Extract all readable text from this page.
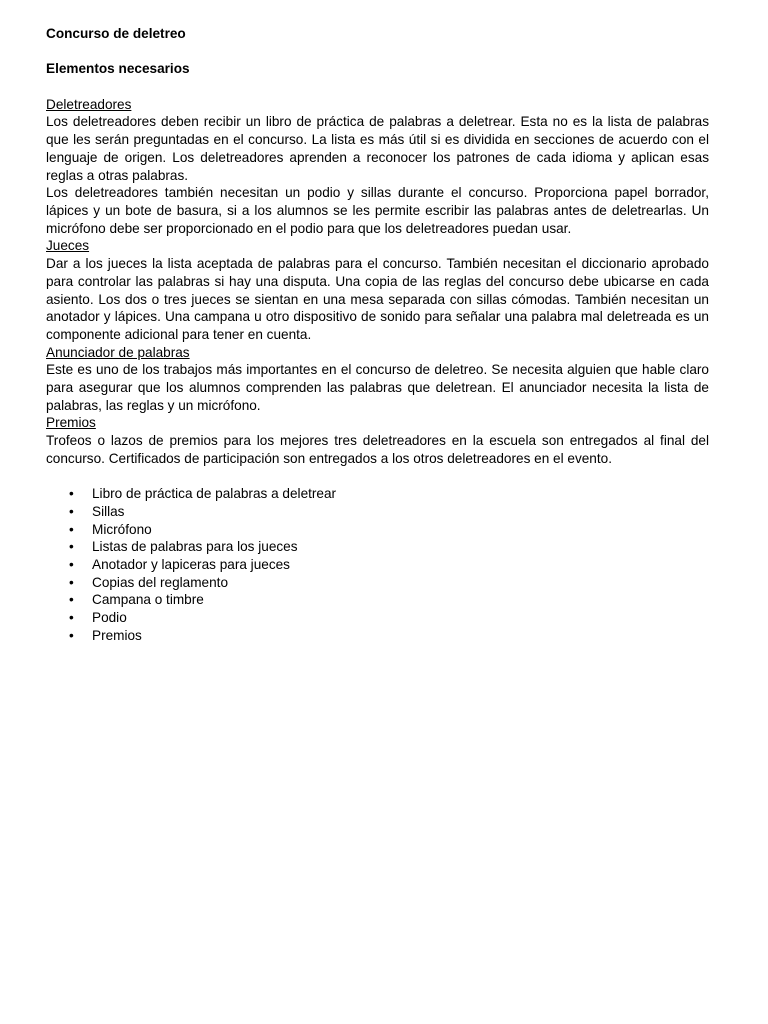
Concurso de deletreo

Elementos necesarios

Deletreadores

Los deletreadores deben recibir un libro de práctica de palabras a deletrear. Esta no es la lista de palabras que les serán preguntadas en el concurso. La lista es más útil si es dividida en secciones de acuerdo con el lenguaje de origen. Los deletreadores aprenden a reconocer los patrones de cada idioma y aplican esas reglas a otras palabras.

Los deletreadores también necesitan un podio y sillas durante el concurso. Proporciona papel borrador, lápices y un bote de basura, si a los alumnos se les permite escribir las palabras antes de deletrearlas. Un micrófono debe ser proporcionado en el podio para que los deletreadores puedan usar.

Jueces

Dar a los jueces la lista aceptada de palabras para el concurso. También necesitan el diccionario aprobado para controlar las palabras si hay una disputa. Una copia de las reglas del concurso debe ubicarse en cada asiento. Los dos o tres jueces se sientan en una mesa separada con sillas cómodas. También necesitan un anotador y lápices. Una campana u otro dispositivo de sonido para señalar una palabra mal deletreada es un componente adicional para tener en cuenta.

Anunciador de palabras

Este es uno de los trabajos más importantes en el concurso de deletreo. Se necesita alguien que hable claro para asegurar que los alumnos comprenden las palabras que deletrean. El anunciador necesita la lista de palabras, las reglas y un micrófono.

Premios

Trofeos o lazos de premios para los mejores tres deletreadores en la escuela son entregados al final del concurso. Certificados de participación son entregados a los otros deletreadores en el evento.

• Libro de práctica de palabras a deletrear
• Sillas
• Micrófono
• Listas de palabras para los jueces
• Anotador y lapiceras para jueces
• Copias del reglamento
• Campana o timbre
• Podio
• Premios
